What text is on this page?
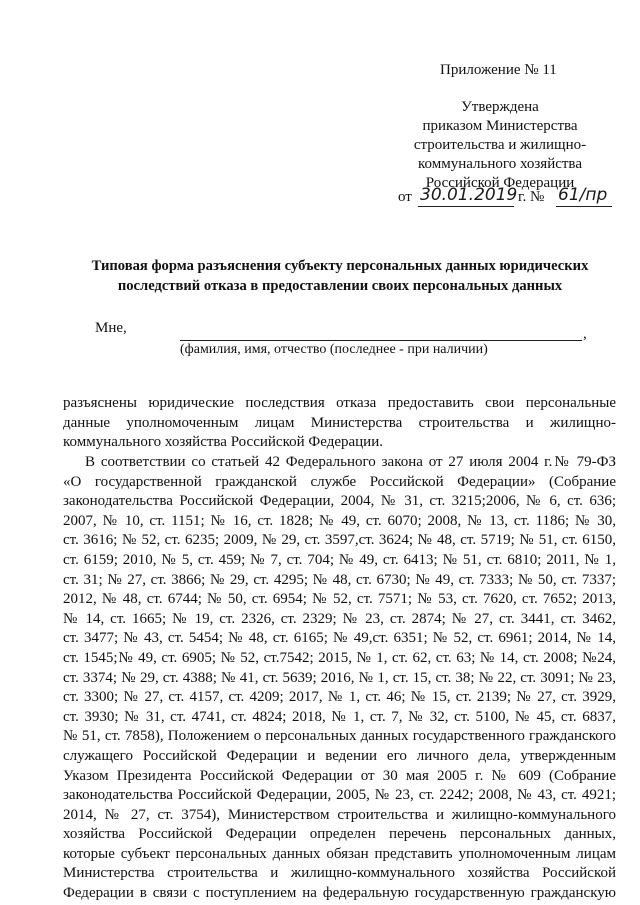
Приложение № 11
Утверждена
приказом Министерства
строительства и жилищно-
коммунального хозяйства
Российской Федерации
от 30.01.2019 г. № 61/пр
Типовая форма разъяснения субъекту персональных данных юридических
последствий отказа в предоставлении своих персональных данных
Мне,	,
(фамилия, имя, отчество (последнее - при наличии)
разъяснены юридические последствия отказа предоставить свои персональные
данные уполномоченным лицам Министерства строительства и жилищно-
коммунального хозяйства Российской Федерации.
В соответствии со статьей 42 Федерального закона от 27 июля 2004 г.№ 79-ФЗ
«О государственной гражданской службе Российской Федерации» (Собрание
законодательства Российской Федерации, 2004, № 31, ст. 3215;2006, № 6, ст. 636;
2007, № 10, ст. 1151; № 16, ст. 1828; № 49, ст. 6070; 2008, № 13, ст. 1186; № 30,
ст. 3616; № 52, ст. 6235; 2009, № 29, ст. 3597,ст. 3624; № 48, ст. 5719; № 51, ст. 6150,
ст. 6159; 2010, № 5, ст. 459; № 7, ст. 704; № 49, ст. 6413; № 51, ст. 6810; 2011, № 1,
ст. 31; № 27, ст. 3866; № 29, ст. 4295; № 48, ст. 6730; № 49, ст. 7333; № 50, ст. 7337;
2012, № 48, ст. 6744; № 50, ст. 6954; № 52, ст. 7571; № 53, ст. 7620, ст. 7652; 2013,
№ 14, ст. 1665; № 19, ст. 2326, ст. 2329; № 23, ст. 2874; № 27, ст. 3441, ст. 3462,
ст. 3477; № 43, ст. 5454; № 48, ст. 6165; № 49,ст. 6351; № 52, ст. 6961; 2014, № 14,
ст. 1545;№ 49, ст. 6905; № 52, ст.7542; 2015, № 1, ст. 62, ст. 63; № 14, ст. 2008; №24,
ст. 3374; № 29, ст. 4388; № 41, ст. 5639; 2016, № 1, ст. 15, ст. 38; № 22, ст. 3091; № 23,
ст. 3300; № 27, ст. 4157, ст. 4209; 2017, № 1, ст. 46; № 15, ст. 2139; № 27, ст. 3929,
ст. 3930; № 31, ст. 4741, ст. 4824; 2018, № 1, ст. 7, № 32, ст. 5100, № 45, ст. 6837,
№ 51, ст. 7858), Положением о персональных данных государственного гражданского
служащего Российской Федерации и ведении его личного дела, утвержденным
Указом Президента Российской Федерации от 30 мая 2005 г. № 609 (Собрание
законодательства Российской Федерации, 2005, № 23, ст. 2242; 2008, № 43, ст. 4921;
2014, № 27, ст. 3754), Министерством строительства и жилищно-коммунального
хозяйства Российской Федерации определен перечень персональных данных,
которые субъект персональных данных обязан представить уполномоченным лицам
Министерства строительства и жилищно-коммунального хозяйства Российской
Федерации в связи с поступлением на федеральную государственную гражданскую
